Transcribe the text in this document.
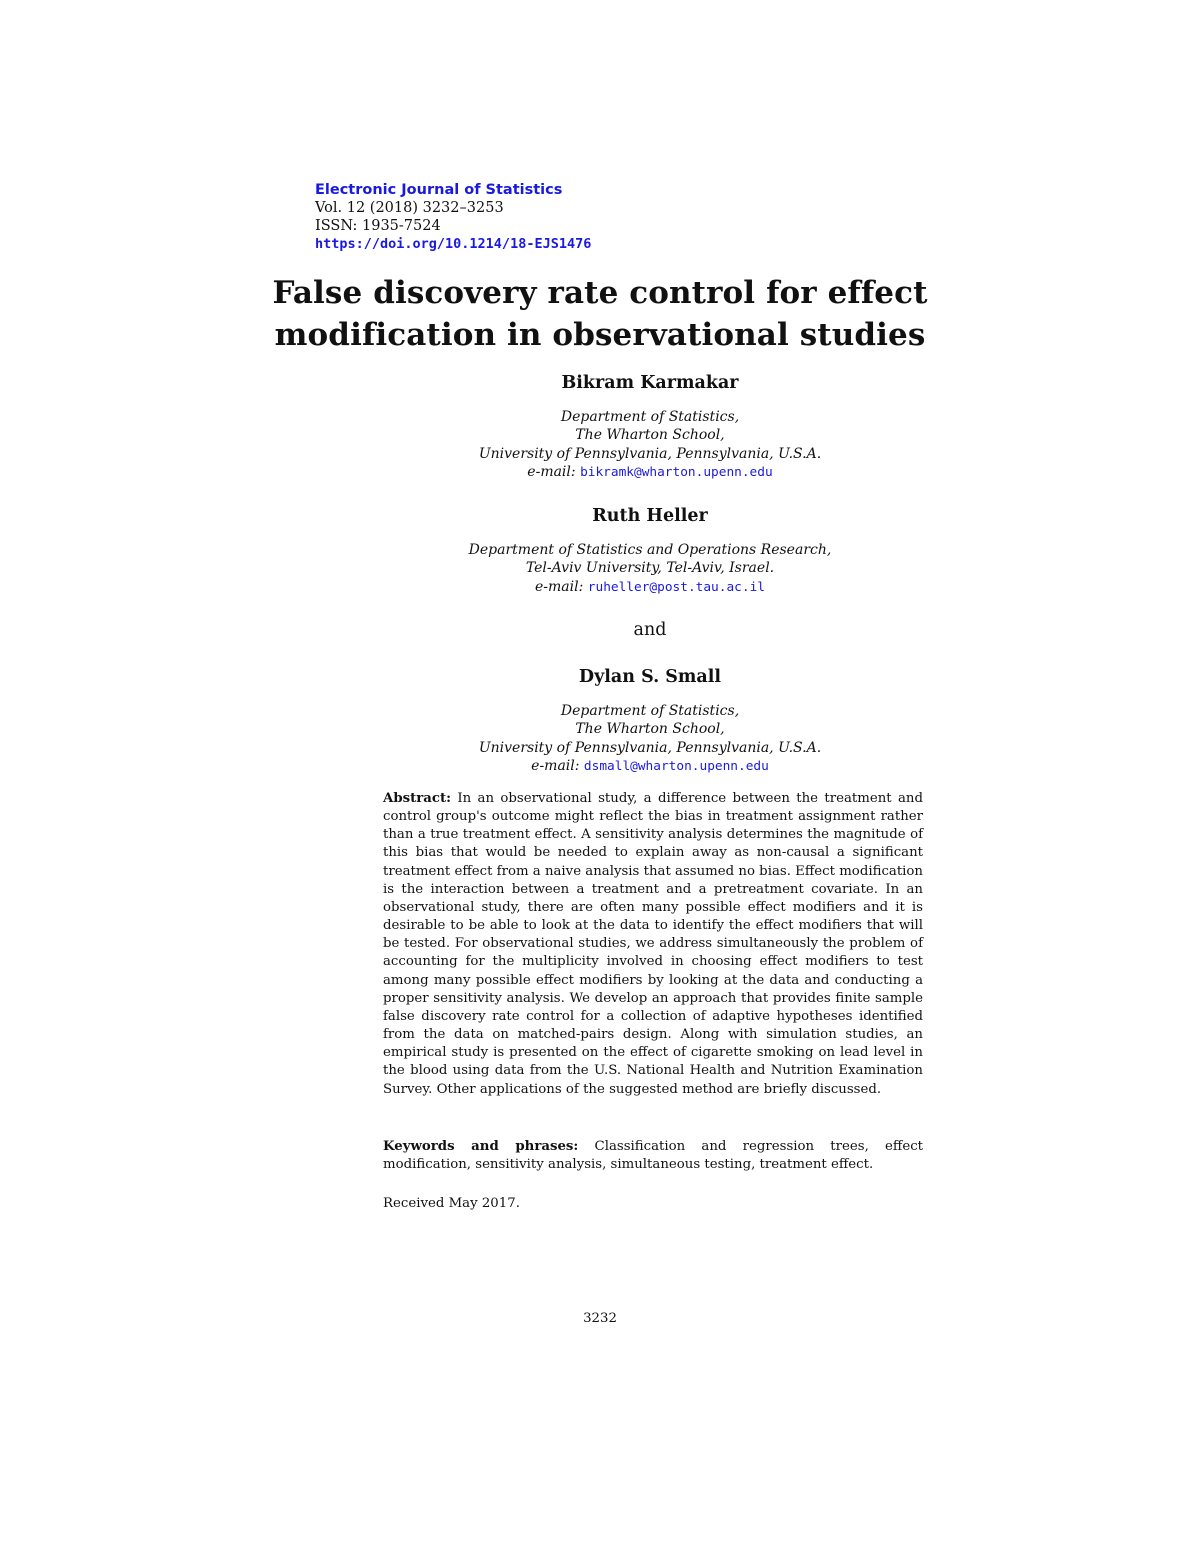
Electronic Journal of Statistics
Vol. 12 (2018) 3232–3253
ISSN: 1935-7524
https://doi.org/10.1214/18-EJS1476
False discovery rate control for effect
modification in observational studies
Bikram Karmakar
Department of Statistics,
The Wharton School,
University of Pennsylvania, Pennsylvania, U.S.A.
e-mail: bikramk@wharton.upenn.edu
Ruth Heller
Department of Statistics and Operations Research,
Tel-Aviv University, Tel-Aviv, Israel.
e-mail: ruheller@post.tau.ac.il
and
Dylan S. Small
Department of Statistics,
The Wharton School,
University of Pennsylvania, Pennsylvania, U.S.A.
e-mail: dsmall@wharton.upenn.edu
Abstract: In an observational study, a difference between the treatment and control group's outcome might reflect the bias in treatment assignment rather than a true treatment effect. A sensitivity analysis determines the magnitude of this bias that would be needed to explain away as non-causal a significant treatment effect from a naive analysis that assumed no bias. Effect modification is the interaction between a treatment and a pretreatment covariate. In an observational study, there are often many possible effect modifiers and it is desirable to be able to look at the data to identify the effect modifiers that will be tested. For observational studies, we address simultaneously the problem of accounting for the multiplicity involved in choosing effect modifiers to test among many possible effect modifiers by looking at the data and conducting a proper sensitivity analysis. We develop an approach that provides finite sample false discovery rate control for a collection of adaptive hypotheses identified from the data on matched-pairs design. Along with simulation studies, an empirical study is presented on the effect of cigarette smoking on lead level in the blood using data from the U.S. National Health and Nutrition Examination Survey. Other applications of the suggested method are briefly discussed.
Keywords and phrases: Classification and regression trees, effect modification, sensitivity analysis, simultaneous testing, treatment effect.
Received May 2017.
3232
